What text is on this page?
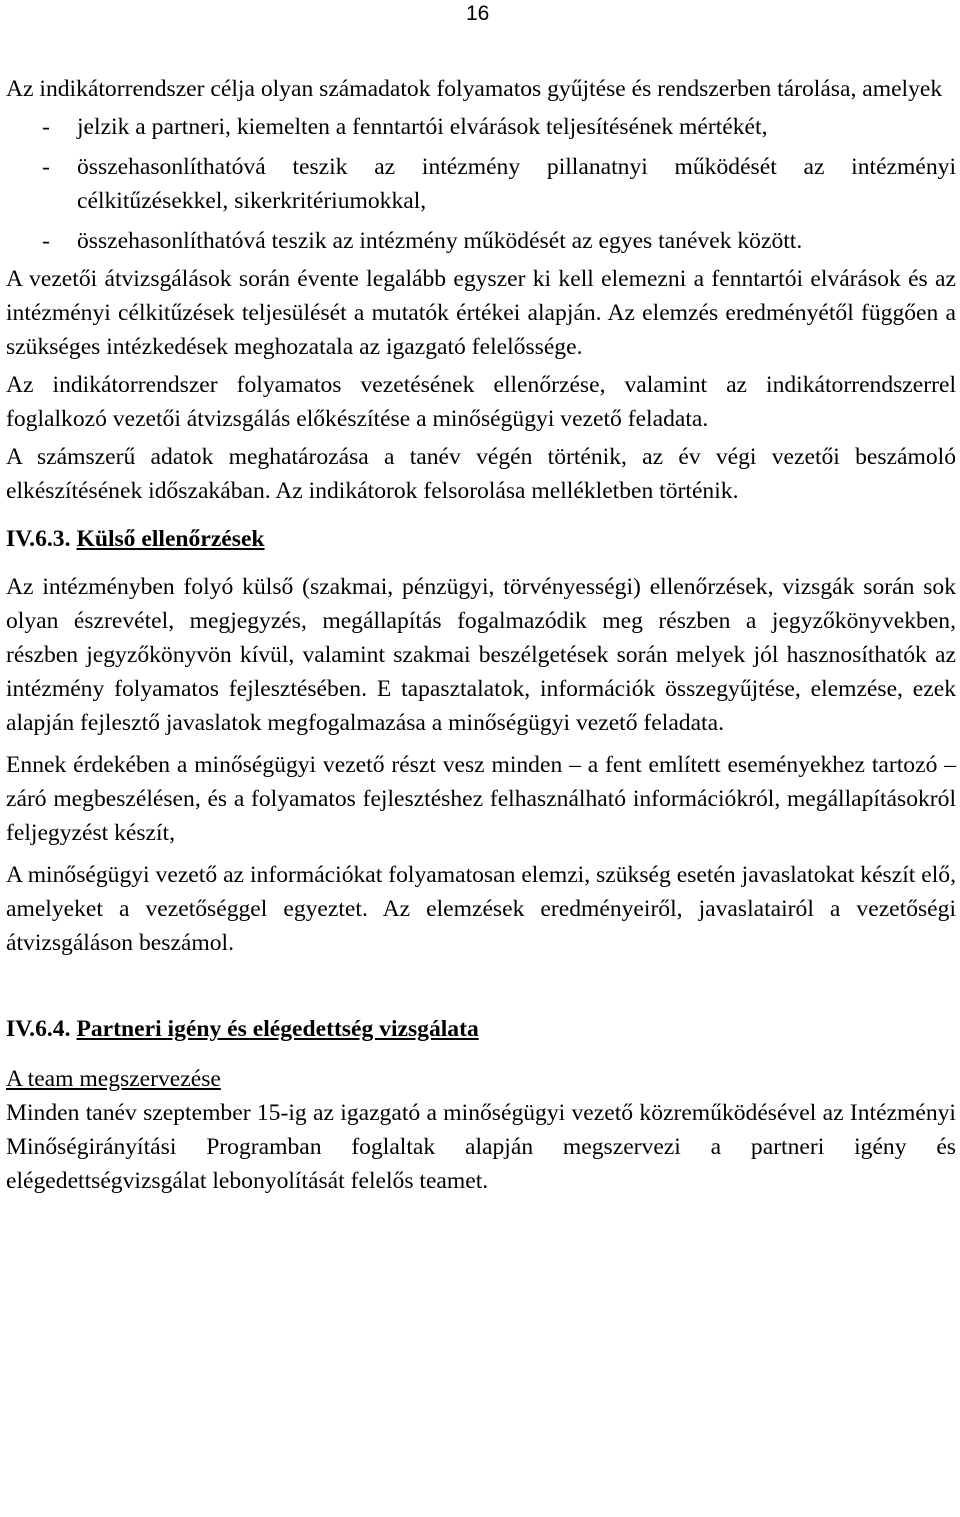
16

Az indikátorrendszer célja olyan számadatok folyamatos gyűjtése és rendszerben tárolása, amelyek

- jelzik a partneri, kiemelten a fenntartói elvárások teljesítésének mértékét,
- összehasonlíthatóvá teszik az intézmény pillanatnyi működését az intézményi célkitűzésekkel, sikerkritériumokkal,
- összehasonlíthatóvá teszik az intézmény működését az egyes tanévek között.

A vezetői átvizsgálások során évente legalább egyszer ki kell elemezni a fenntartói elvárások és az intézményi célkitűzések teljesülését a mutatók értékei alapján. Az elemzés eredményétől függően a szükséges intézkedések meghozatala az igazgató felelőssége.

Az indikátorrendszer folyamatos vezetésének ellenőrzése, valamint az indikátorrendszerrel foglalkozó vezetői átvizsgálás előkészítése a minőségügyi vezető feladata.

A számszerű adatok meghatározása a tanév végén történik, az év végi vezetői beszámoló elkészítésének időszakában. Az indikátorok felsorolása mellékletben történik.

IV.6.3. Külső ellenőrzések

Az intézményben folyó külső (szakmai, pénzügyi, törvényességi) ellenőrzések, vizsgák során sok olyan észrevétel, megjegyzés, megállapítás fogalmazódik meg részben a jegyzőkönyvekben, részben jegyzőkönyvön kívül, valamint szakmai beszélgetések során melyek jól hasznosíthatók az intézmény folyamatos fejlesztésében. E tapasztalatok, információk összegyűjtése, elemzése, ezek alapján fejlesztő javaslatok megfogalmazása a minőségügyi vezető feladata.

Ennek érdekében a minőségügyi vezető részt vesz minden – a fent említett eseményekhez tartozó – záró megbeszélésen, és a folyamatos fejlesztéshez felhasználható információkról, megállapításokról feljegyzést készít,

A minőségügyi vezető az információkat folyamatosan elemzi, szükség esetén javaslatokat készít elő, amelyeket a vezetőséggel egyeztet. Az elemzések eredményeiről, javaslatairól a vezetőségi átvizsgáláson beszámol.

IV.6.4. Partneri igény és elégedettség vizsgálata

A team megszervezése

Minden tanév szeptember 15-ig az igazgató a minőségügyi vezető közreműködésével az Intézményi Minőségirányítási Programban foglaltak alapján megszervezi a partneri igény és elégedettségvizsgálat lebonyolítását felelős teamet.
